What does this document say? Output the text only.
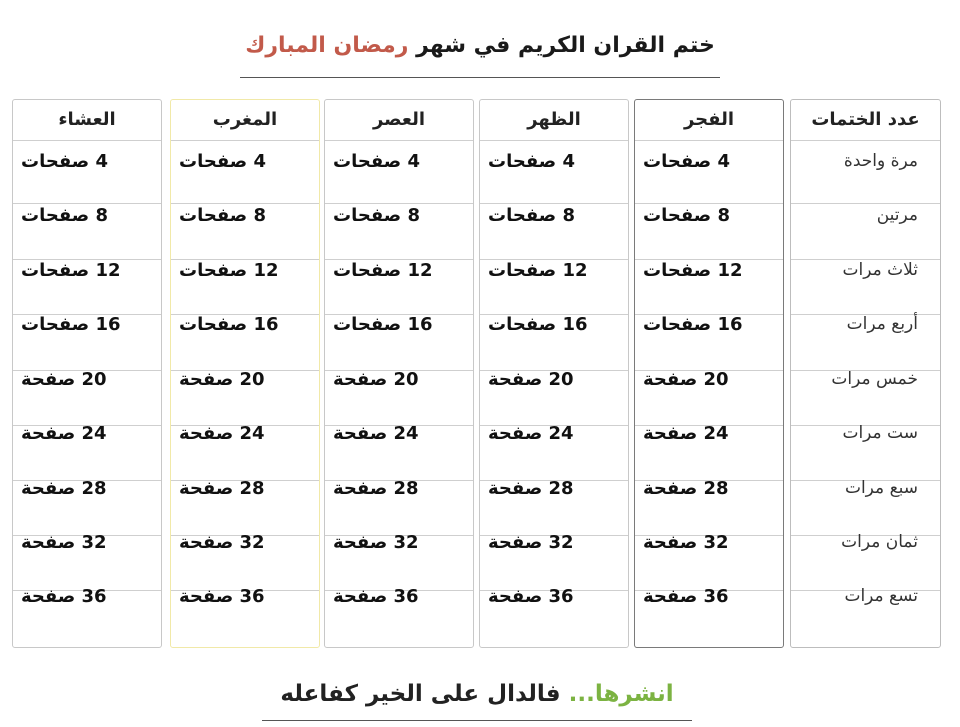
ختم القران الكريم في شهر رمضان المبارك
عدد الختمات
مرة واحدة
مرتين
ثلاث مرات
أربع مرات
خمس مرات
ست مرات
سبع مرات
ثمان مرات
تسع مرات
الفجر
4 صفحات
8 صفحات
12 صفحات
16 صفحات
20 صفحة
24 صفحة
28 صفحة
32 صفحة
36 صفحة
الظهر
4 صفحات
8 صفحات
12 صفحات
16 صفحات
20 صفحة
24 صفحة
28 صفحة
32 صفحة
36 صفحة
العصر
4 صفحات
8 صفحات
12 صفحات
16 صفحات
20 صفحة
24 صفحة
28 صفحة
32 صفحة
36 صفحة
المغرب
4 صفحات
8 صفحات
12 صفحات
16 صفحات
20 صفحة
24 صفحة
28 صفحة
32 صفحة
36 صفحة
العشاء
4 صفحات
8 صفحات
12 صفحات
16 صفحات
20 صفحة
24 صفحة
28 صفحة
32 صفحة
36 صفحة
انشرها... فالدال على الخير كفاعله
